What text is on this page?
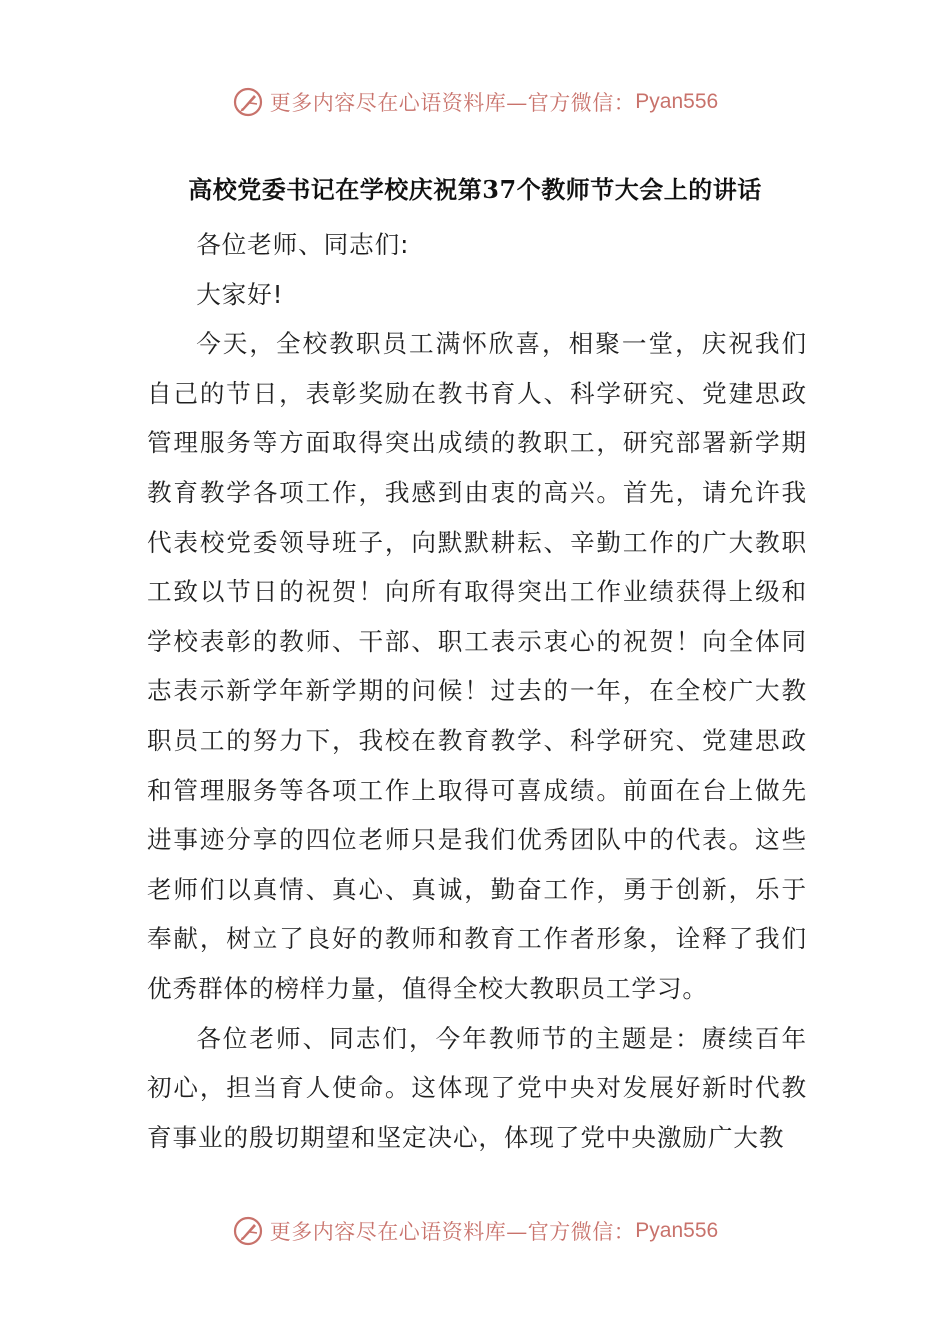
更多内容尽在心语资料库—官方微信： Pyan556
高校党委书记在学校庆祝第37个教师节大会上的讲话

各位老师、同志们:

大家好!

今天，全校教职员工满怀欣喜，相聚一堂，庆祝我们自己的节日，表彰奖励在教书育人、科学研究、党建思政管理服务等方面取得突出成绩的教职工，研究部署新学期教育教学各项工作，我感到由衷的高兴。首先，请允许我代表校党委领导班子，向默默耕耘、辛勤工作的广大教职工致以节日的祝贺！向所有取得突出工作业绩获得上级和学校表彰的教师、干部、职工表示衷心的祝贺！向全体同志表示新学年新学期的问候！过去的一年，在全校广大教职员工的努力下，我校在教育教学、科学研究、党建思政和管理服务等各项工作上取得可喜成绩。前面在台上做先进事迹分享的四位老师只是我们优秀团队中的代表。这些老师们以真情、真心、真诚，勤奋工作，勇于创新，乐于奉献，树立了良好的教师和教育工作者形象，诠释了我们优秀群体的榜样力量，值得全校大教职员工学习。

各位老师、同志们，今年教师节的主题是：赓续百年初心，担当育人使命。这体现了党中央对发展好新时代教育事业的殷切期望和坚定决心，体现了党中央激励广大教

更多内容尽在心语资料库—官方微信： Pyan556
